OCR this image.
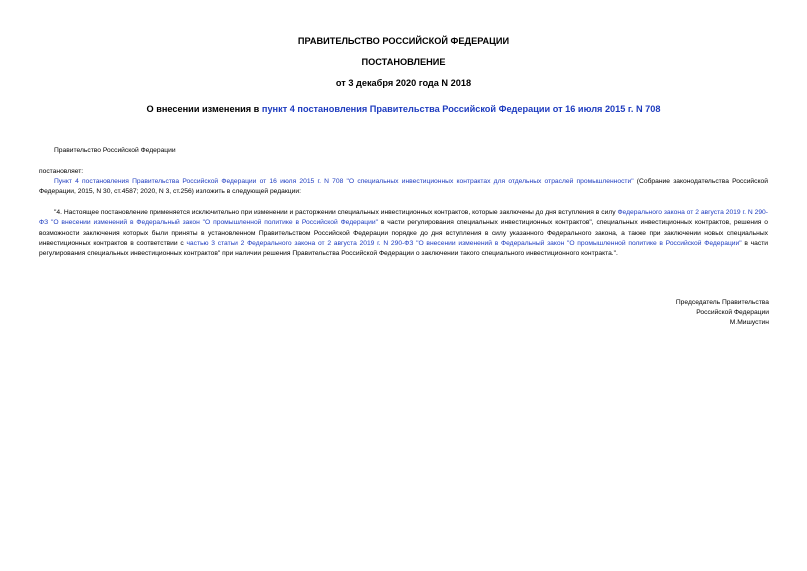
ПРАВИТЕЛЬСТВО РОССИЙСКОЙ ФЕДЕРАЦИИ
ПОСТАНОВЛЕНИЕ
от 3 декабря 2020 года N 2018
О внесении изменения в пункт 4 постановления Правительства Российской Федерации от 16 июля 2015 г. N 708
Правительство Российской Федерации
постановляет:
Пункт 4 постановления Правительства Российской Федерации от 16 июля 2015 г. N 708 "О специальных инвестиционных контрактах для отдельных отраслей промышленности" (Собрание законодательства Российской Федерации, 2015, N 30, ст.4587; 2020, N 3, ст.256) изложить в следующей редакции:
"4. Настоящее постановление применяется исключительно при изменении и расторжении специальных инвестиционных контрактов, которые заключены до дня вступления в силу Федерального закона от 2 августа 2019 г. N 290-ФЗ "О внесении изменений в Федеральный закон "О промышленной политике в Российской Федерации" в части регулирования специальных инвестиционных контрактов", специальных инвестиционных контрактов, решения о возможности заключения которых были приняты в установленном Правительством Российской Федерации порядке до дня вступления в силу указанного Федерального закона, а также при заключении новых специальных инвестиционных контрактов в соответствии с частью 3 статьи 2 Федерального закона от 2 августа 2019 г. N 290-ФЗ "О внесении изменений в Федеральный закон "О промышленной политике в Российской Федерации" в части регулирования специальных инвестиционных контрактов" при наличии решения Правительства Российской Федерации о заключении такого специального инвестиционного контракта.".
Председатель Правительства
Российской Федерации
М.Мишустин
